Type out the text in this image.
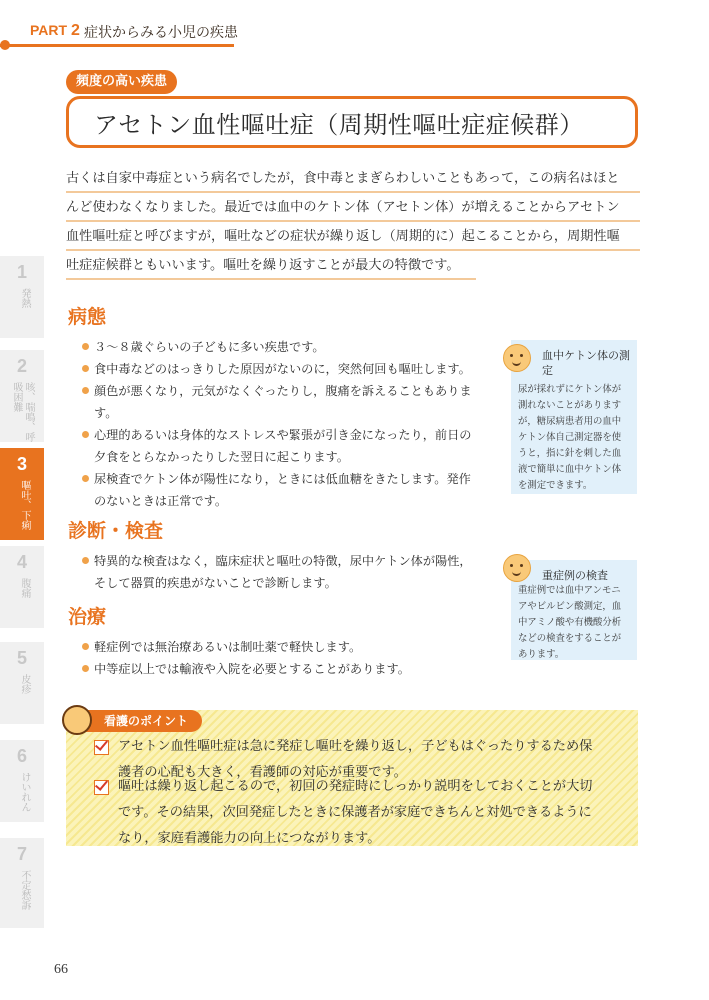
PART 2 症状からみる小児の疾患
頻度の高い疾患
アセトン血性嘔吐症（周期性嘔吐症症候群）
古くは自家中毒症という病名でしたが，食中毒とまぎらわしいこともあって，この病名はほと
んど使わなくなりました。最近では血中のケトン体（アセトン体）が増えることからアセトン
血性嘔吐症と呼びますが，嘔吐などの症状が繰り返し（周期的に）起こることから，周期性嘔
吐症症候群ともいいます。嘔吐を繰り返すことが最大の特徴です。
1
発熱
2
咳、喘鳴、呼吸困難
3
嘔吐、下痢
4
腹痛
5
皮疹
6
けいれん
7
不定愁訴
病態
３〜８歳ぐらいの子どもに多い疾患です。
食中毒などのはっきりした原因がないのに，突然何回も嘔吐します。
顔色が悪くなり，元気がなくぐったりし，腹痛を訴えることもありま
す。
心理的あるいは身体的なストレスや緊張が引き金になったり，前日の
夕食をとらなかったりした翌日に起こります。
尿検査でケトン体が陽性になり，ときには低血糖をきたします。発作
のないときは正常です。
診断・検査
特異的な検査はなく，臨床症状と嘔吐の特徴，尿中ケトン体が陽性，
そして器質的疾患がないことで診断します。
治療
軽症例では無治療あるいは制吐薬で軽快します。
中等症以上では輸液や入院を必要とすることがあります。
血中ケトン体の測定
尿が採れずにケトン体が測れないことがありますが，糖尿病患者用の血中ケトン体自己測定器を使うと，指に針を刺した血液で簡単に血中ケトン体を測定できます。
重症例の検査
重症例では血中アンモニアやビルビン酸測定，血中アミノ酸や有機酸分析などの検査をすることがあります。
看護のポイント
アセトン血性嘔吐症は急に発症し嘔吐を繰り返し，子どもはぐったりするため保
護者の心配も大きく，看護師の対応が重要です。
嘔吐は繰り返し起こるので，初回の発症時にしっかり説明をしておくことが大切
です。その結果，次回発症したときに保護者が家庭できちんと対処できるように
なり，家庭看護能力の向上につながります。
66
